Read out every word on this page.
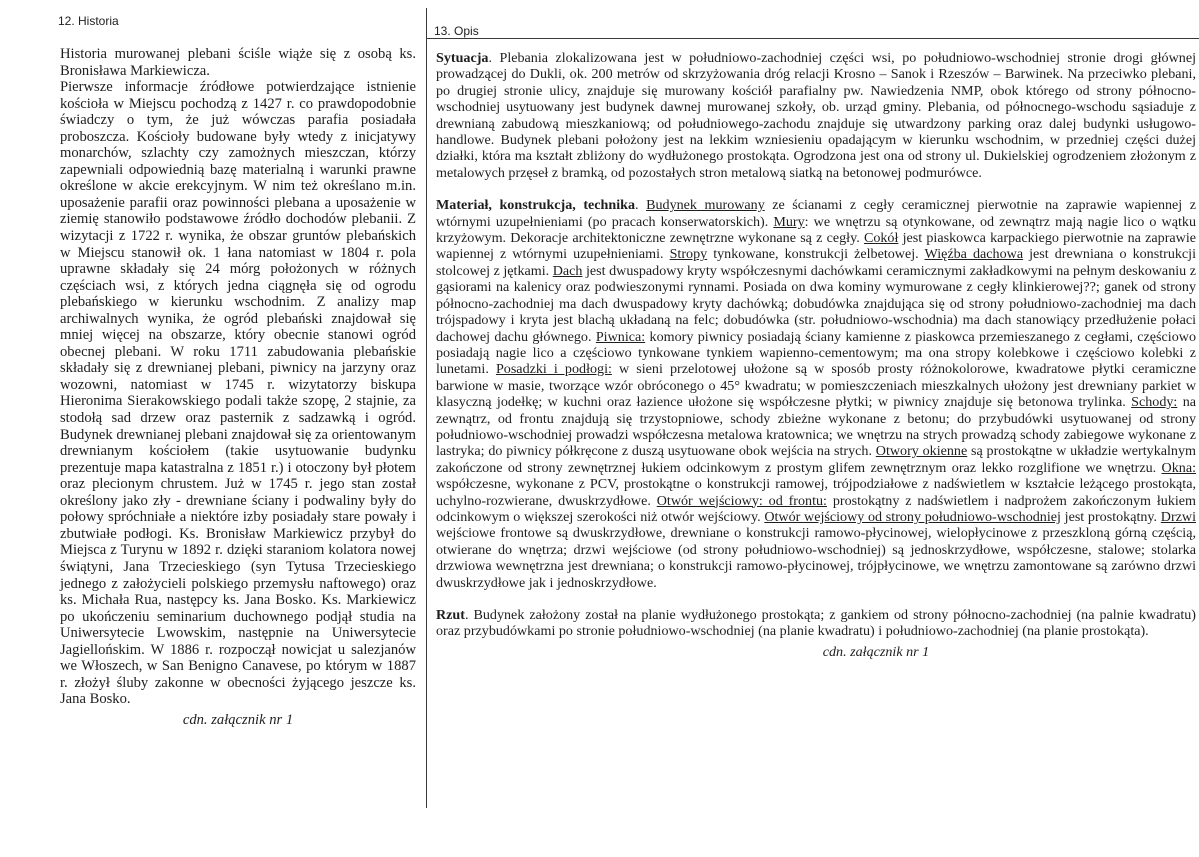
12. Historia
13. Opis

Historia murowanej plebani ściśle wiąże się z osobą ks. Bronisława Markiewicza.

Pierwsze informacje źródłowe potwierdzające istnienie kościoła w Miejscu pochodzą z 1427 r. co prawdopodobnie świadczy o tym, że już wówczas parafia posiadała proboszcza. Kościoły budowane były wtedy z inicjatywy monarchów, szlachty czy zamożnych mieszczan, którzy zapewniali odpowiednią bazę materialną i warunki prawne określone w akcie erekcyjnym. W nim też określano m.in. uposażenie parafii oraz powinności plebana a uposażenie w ziemię stanowiło podstawowe źródło dochodów plebanii. Z wizytacji z 1722 r. wynika, że obszar gruntów plebańskich w Miejscu stanowił ok. 1 łana natomiast w 1804 r. pola uprawne składały się 24 mórg położonych w różnych częściach wsi, z których jedna ciągnęła się od ogrodu plebańskiego w kierunku wschodnim. Z analizy map archiwalnych wynika, że ogród plebański znajdował się mniej więcej na obszarze, który obecnie stanowi ogród obecnej plebani. W roku 1711 zabudowania plebańskie składały się z drewnianej plebani, piwnicy na jarzyny oraz wozowni, natomiast w 1745 r. wizytatorzy biskupa Hieronima Sierakowskiego podali także szopę, 2 stajnie, za stodołą sad drzew oraz pasternik z sadzawką i ogród. Budynek drewnianej plebani znajdował się za orientowanym drewnianym kościołem (takie usytuowanie budynku prezentuje mapa katastralna z 1851 r.) i otoczony był płotem oraz plecionym chrustem. Już w 1745 r. jego stan został określony jako zły - drewniane ściany i podwaliny były do połowy spróchniałe a niektóre izby posiadały stare powały i zbutwiałe podłogi. Ks. Bronisław Markiewicz przybył do Miejsca z Turynu w 1892 r. dzięki staraniom kolatora nowej świątyni, Jana Trzecieskiego (syn Tytusa Trzecieskiego jednego z założycieli polskiego przemysłu naftowego) oraz ks. Michała Rua, następcy ks. Jana Bosko. Ks. Markiewicz po ukończeniu seminarium duchownego podjął studia na Uniwersytecie Lwowskim, następnie na Uniwersytecie Jagiellońskim. W 1886 r. rozpoczął nowicjat u salezjanów we Włoszech, w San Benigno Canavese, po którym w 1887 r. złożył śluby zakonne w obecności żyjącego jeszcze ks. Jana Bosko.

cdn. załącznik nr 1

Sytuacja. Plebania zlokalizowana jest w południowo-zachodniej części wsi, po południowo-wschodniej stronie drogi głównej prowadzącej do Dukli, ok. 200 metrów od skrzyżowania dróg relacji Krosno – Sanok i Rzeszów – Barwinek. Na przeciwko plebani, po drugiej stronie ulicy, znajduje się murowany kościół parafialny pw. Nawiedzenia NMP, obok którego od strony północno-wschodniej usytuowany jest budynek dawnej murowanej szkoły, ob. urząd gminy. Plebania, od północnego-wschodu sąsiaduje z drewnianą zabudową mieszkaniową; od południowego-zachodu znajduje się utwardzony parking oraz dalej budynki usługowo-handlowe. Budynek plebani położony jest na lekkim wzniesieniu opadającym w kierunku wschodnim, w przedniej części dużej działki, która ma kształt zbliżony do wydłużonego prostokąta. Ogrodzona jest ona od strony ul. Dukielskiej ogrodzeniem złożonym z metalowych przęseł z bramką, od pozostałych stron metalową siatką na betonowej podmurówce.

Materiał, konstrukcja, technika. Budynek murowany ze ścianami z cegły ceramicznej pierwotnie na zaprawie wapiennej z wtórnymi uzupełnieniami (po pracach konserwatorskich). Mury: we wnętrzu są otynkowane, od zewnątrz mają nagie lico o wątku krzyżowym. Dekoracje architektoniczne zewnętrzne wykonane są z cegły. Cokół jest piaskowca karpackiego pierwotnie na zaprawie wapiennej z wtórnymi uzupełnieniami. Stropy tynkowane, konstrukcji żelbetowej. Więźba dachowa jest drewniana o konstrukcji stolcowej z jętkami. Dach jest dwuspadowy kryty współczesnymi dachówkami ceramicznymi zakładkowymi na pełnym deskowaniu z gąsiorami na kalenicy oraz podwieszonymi rynnami. Posiada on dwa kominy wymurowane z cegły klinkierowej??; ganek od strony północno-zachodniej ma dach dwuspadowy kryty dachówką; dobudówka znajdująca się od strony południowo-zachodniej ma dach trójspadowy i kryta jest blachą układaną na felc; dobudówka (str. południowo-wschodnia) ma dach stanowiący przedłużenie połaci dachowej dachu głównego. Piwnica: komory piwnicy posiadają ściany kamienne z piaskowca przemieszanego z cegłami, częściowo posiadają nagie lico a częściowo tynkowane tynkiem wapienno-cementowym; ma ona stropy kolebkowe i częściowo kolebki z lunetami. Posadzki i podłogi: w sieni przelotowej ułożone są w sposób prosty różnokolorowe, kwadratowe płytki ceramiczne barwione w masie, tworzące wzór obróconego o 45° kwadratu; w pomieszczeniach mieszkalnych ułożony jest drewniany parkiet w klasyczną jodełkę; w kuchni oraz łazience ułożone się współczesne płytki; w piwnicy znajduje się betonowa trylinka. Schody: na zewnątrz, od frontu znajdują się trzystopniowe, schody zbieżne wykonane z betonu; do przybudówki usytuowanej od strony południowo-wschodniej prowadzi współczesna metalowa kratownica; we wnętrzu na strych prowadzą schody zabiegowe wykonane z lastryka; do piwnicy półkręcone z duszą usytuowane obok wejścia na strych. Otwory okienne są prostokątne w układzie wertykalnym zakończone od strony zewnętrznej łukiem odcinkowym z prostym glifem zewnętrznym oraz lekko rozglifione we wnętrzu. Okna: współczesne, wykonane z PCV, prostokątne o konstrukcji ramowej, trójpodziałowe z nadświetlem w kształcie leżącego prostokąta, uchylno-rozwierane, dwuskrzydłowe. Otwór wejściowy: od frontu: prostokątny z nadświetlem i nadprożem zakończonym łukiem odcinkowym o większej szerokości niż otwór wejściowy. Otwór wejściowy od strony południowo-wschodniej jest prostokątny. Drzwi wejściowe frontowe są dwuskrzydłowe, drewniane o konstrukcji ramowo-płycinowej, wielopłycinowe z przeszkloną górną częścią, otwierane do wnętrza; drzwi wejściowe (od strony południowo-wschodniej) są jednoskrzydłowe, współczesne, stalowe; stolarka drzwiowa wewnętrzna jest drewniana; o konstrukcji ramowo-płycinowej, trójpłycinowe, we wnętrzu zamontowane są zarówno drzwi dwuskrzydłowe jak i jednoskrzydłowe.

Rzut. Budynek założony został na planie wydłużonego prostokąta; z gankiem od strony północno-zachodniej (na palnie kwadratu) oraz przybudówkami po stronie południowo-wschodniej (na planie kwadratu) i południowo-zachodniej (na planie prostokąta).

cdn. załącznik nr 1
